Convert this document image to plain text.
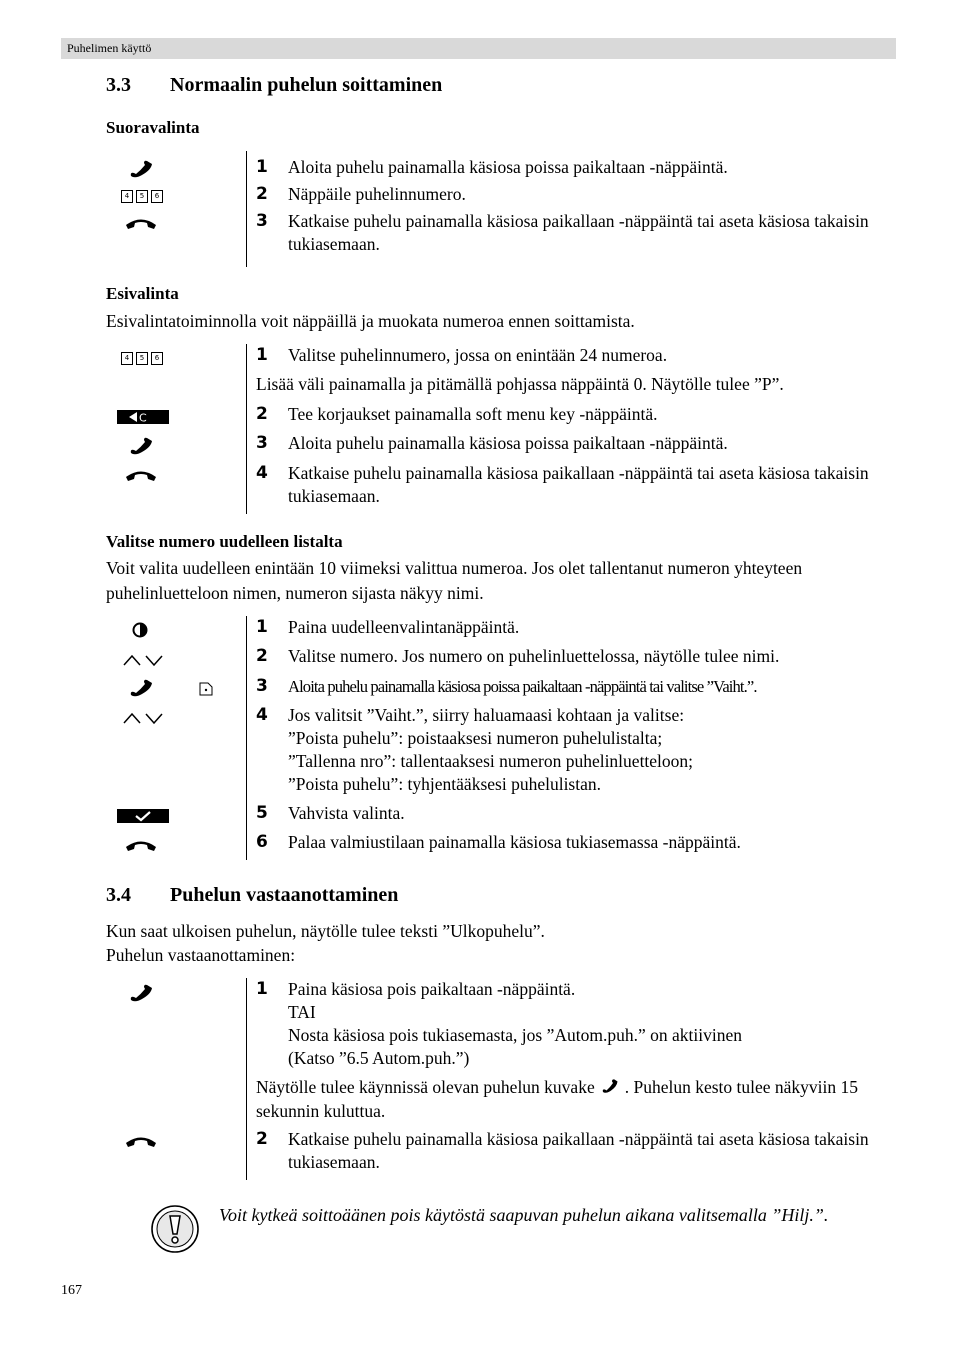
Puhelimen käyttö
3.3 Normaalin puhelun soittaminen
Suoravalinta
4	5	6
1 Aloita puhelu painamalla käsiosa poissa paikaltaan -näppäintä.
2 Näppäile puhelinnumero.
3 Katkaise puhelu painamalla käsiosa paikallaan -näppäintä tai aseta käsiosa takaisin tukiasemaan.
Esivalinta

Esivalintatoiminnolla voit näppäillä ja muokata numeroa ennen soittamista.

4	5	6
C
1 Valitse puhelinnumero, jossa on enintään 24 numeroa.
Lisää väli painamalla ja pitämällä pohjassa näppäintä 0. Näytölle tulee ”P”.
2 Tee korjaukset painamalla soft menu key -näppäintä.
3 Aloita puhelu painamalla käsiosa poissa paikaltaan -näppäintä.
4 Katkaise puhelu painamalla käsiosa paikallaan -näppäintä tai aseta käsiosa takaisin tukiasemaan.
Valitse numero uudelleen listalta

Voit valita uudelleen enintään 10 viimeksi valittua numeroa. Jos olet tallentanut numeron yhteyteen puhelinluetteloon nimen, numeron sijasta näkyy nimi.

1 Paina uudelleenvalintanäppäintä.
2 Valitse numero. Jos numero on puhelinluettelossa, näytölle tulee nimi.
3 Aloita puhelu painamalla käsiosa poissa paikaltaan -näppäintä tai valitse ”Vaiht.”.
4 Jos valitsit ”Vaiht.”, siirry haluamaasi kohtaan ja valitse:
”Poista puhelu”: poistaaksesi numeron puhelulistalta;
”Tallenna nro”: tallentaaksesi numeron puhelinluetteloon;
”Poista puhelu”: tyhjentääksesi puhelulistan.
5 Vahvista valinta.
6 Palaa valmiustilaan painamalla käsiosa tukiasemassa -näppäintä.
3.4 Puhelun vastaanottaminen

Kun saat ulkoisen puhelun, näytölle tulee teksti ”Ulkopuhelu”.

Puhelun vastaanottaminen:

1 Paina käsiosa pois paikaltaan -näppäintä.
TAI
Nosta käsiosa pois tukiasemasta, jos ”Autom.puh.” on aktiivinen
(Katso ”6.5 Autom.puh.”)
Näytölle tulee käynnissä olevan puhelun kuvake . Puhelun kesto tulee näkyviin 15 sekunnin kuluttua.
2 Katkaise puhelu painamalla käsiosa paikallaan -näppäintä tai aseta käsiosa takaisin tukiasemaan.
Voit kytkeä soittoäänen pois käytöstä saapuvan puhelun aikana valitsemalla ”Hilj.”.
167
